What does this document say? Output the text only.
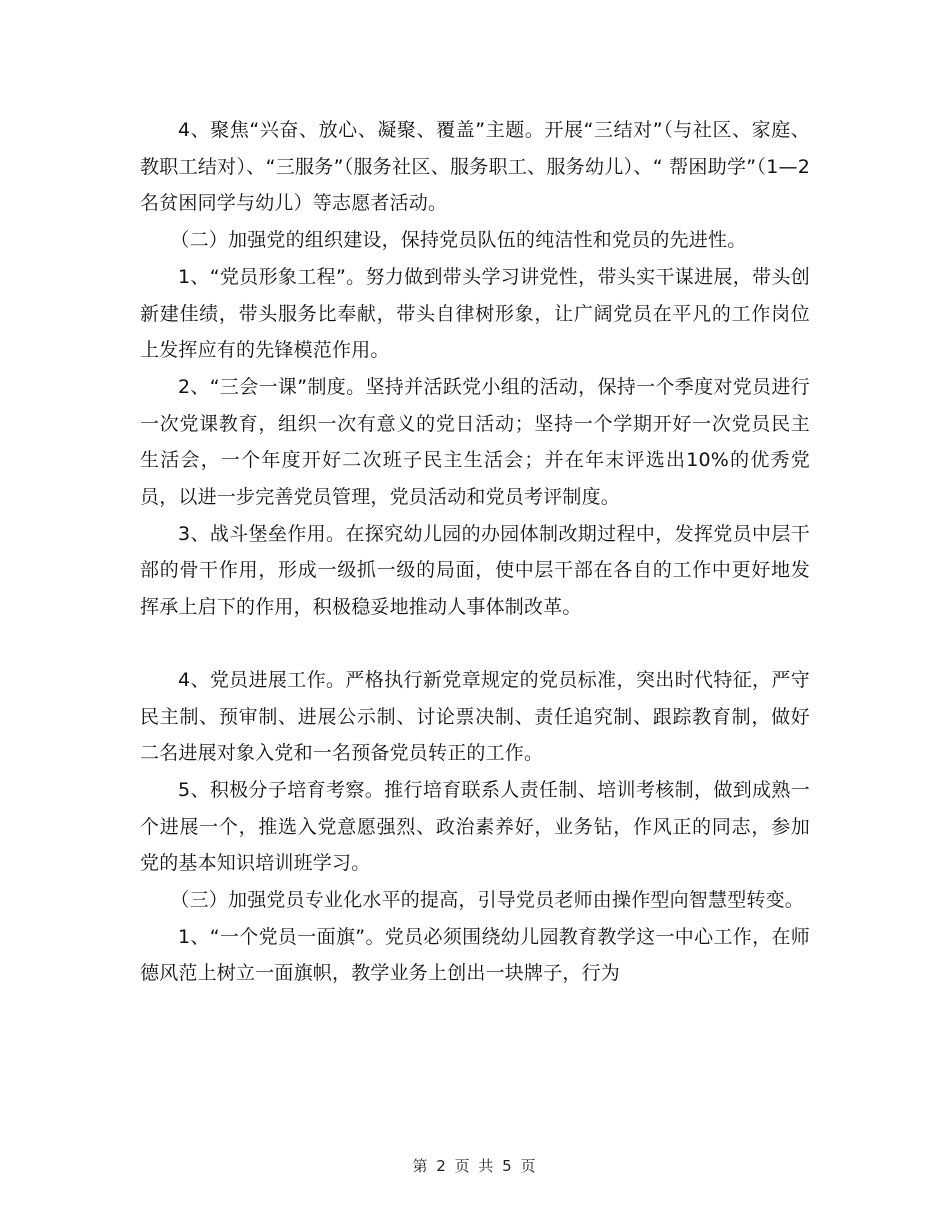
4、聚焦“兴奋、放心、凝聚、覆盖”主题。开展“三结对”（与社区、家庭、教职工结对）、“三服务”（服务社区、服务职工、服务幼儿）、“ 帮困助学”（1—2名贫困同学与幼儿）等志愿者活动。

（二）加强党的组织建设，保持党员队伍的纯洁性和党员的先进性。

1、“党员形象工程”。努力做到带头学习讲党性，带头实干谋进展，带头创新建佳绩，带头服务比奉献，带头自律树形象，让广阔党员在平凡的工作岗位上发挥应有的先锋模范作用。

2、“三会一课”制度。坚持并活跃党小组的活动，保持一个季度对党员进行一次党课教育，组织一次有意义的党日活动；坚持一个学期开好一次党员民主生活会，一个年度开好二次班子民主生活会；并在年末评选出10%的优秀党员，以进一步完善党员管理，党员活动和党员考评制度。

3、战斗堡垒作用。在探究幼儿园的办园体制改期过程中，发挥党员中层干部的骨干作用，形成一级抓一级的局面，使中层干部在各自的工作中更好地发挥承上启下的作用，积极稳妥地推动人事体制改革。

4、党员进展工作。严格执行新党章规定的党员标准，突出时代特征，严守民主制、预审制、进展公示制、讨论票决制、责任追究制、跟踪教育制，做好二名进展对象入党和一名预备党员转正的工作。

5、积极分子培育考察。推行培育联系人责任制、培训考核制，做到成熟一个进展一个，推选入党意愿强烈、政治素养好，业务钻，作风正的同志，参加党的基本知识培训班学习。

（三）加强党员专业化水平的提高，引导党员老师由操作型向智慧型转变。

1、“一个党员一面旗”。党员必须围绕幼儿园教育教学这一中心工作，在师德风范上树立一面旗帜，教学业务上创出一块牌子，行为

第 2 页 共 5 页
